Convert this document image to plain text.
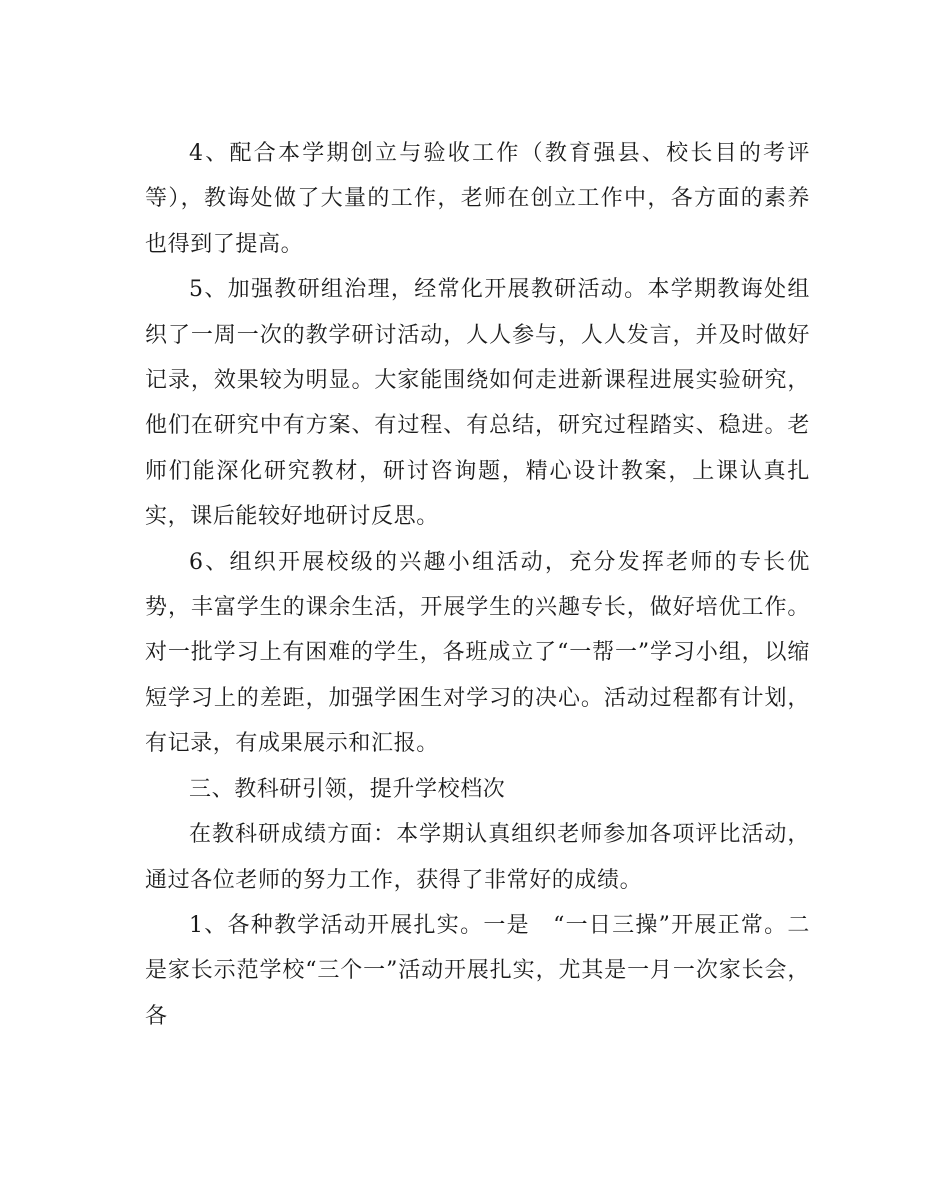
4、配合本学期创立与验收工作（教育强县、校长目的考评等），教诲处做了大量的工作，老师在创立工作中，各方面的素养也得到了提高。

5、加强教研组治理，经常化开展教研活动。本学期教诲处组织了一周一次的教学研讨活动，人人参与，人人发言，并及时做好记录，效果较为明显。大家能围绕如何走进新课程进展实验研究，他们在研究中有方案、有过程、有总结，研究过程踏实、稳进。老师们能深化研究教材，研讨咨询题，精心设计教案，上课认真扎实，课后能较好地研讨反思。

6、组织开展校级的兴趣小组活动，充分发挥老师的专长优势，丰富学生的课余生活，开展学生的兴趣专长，做好培优工作。对一批学习上有困难的学生，各班成立了“一帮一”学习小组，以缩短学习上的差距，加强学困生对学习的决心。活动过程都有计划，有记录，有成果展示和汇报。

三、教科研引领，提升学校档次

在教科研成绩方面：本学期认真组织老师参加各项评比活动，通过各位老师的努力工作，获得了非常好的成绩。

1、各种教学活动开展扎实。一是　“一日三操”开展正常。二是家长示范学校“三个一”活动开展扎实，尤其是一月一次家长会，各
